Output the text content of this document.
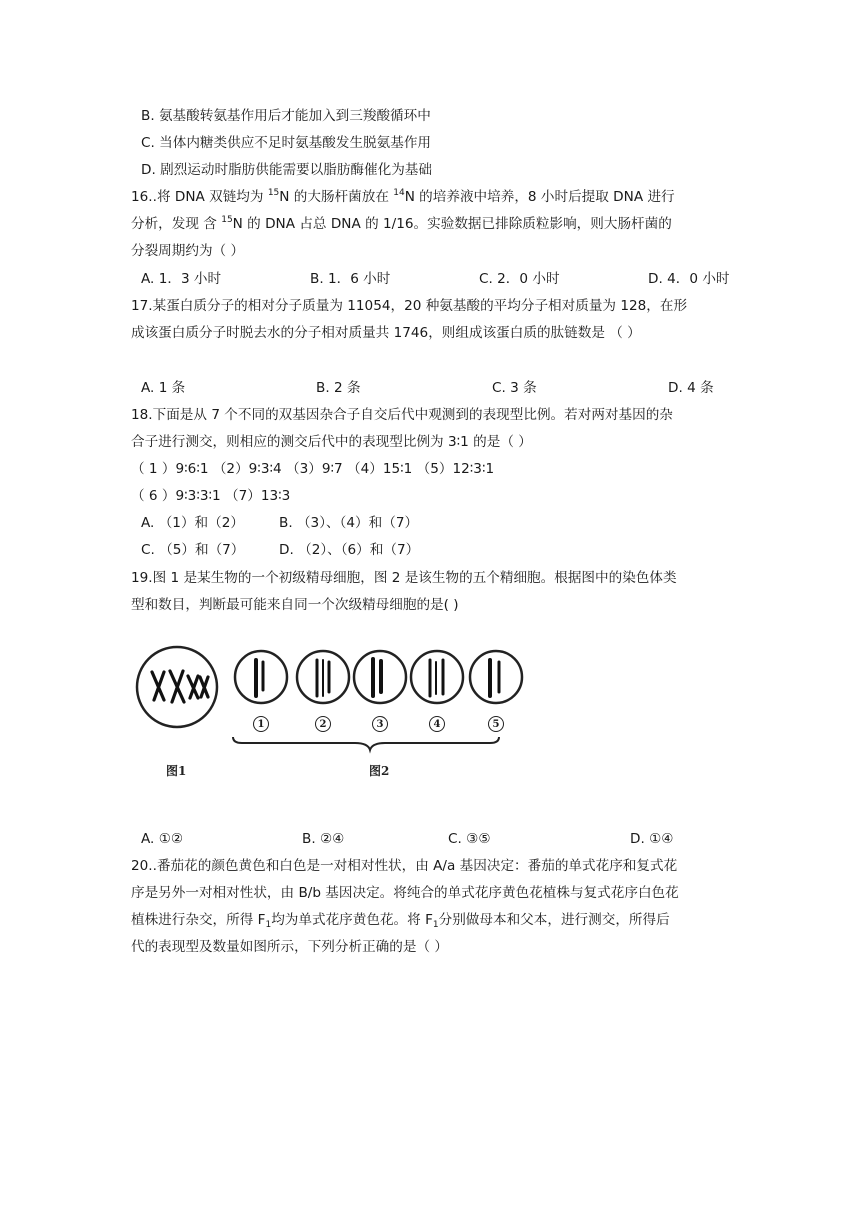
B. 氨基酸转氨基作用后才能加入到三羧酸循环中
C. 当体内糖类供应不足时氨基酸发生脱氨基作用
D. 剧烈运动时脂肪供能需要以脂肪酶催化为基础
16..将 DNA 双链均为 $^{15}$N 的大肠杆菌放在 $^{14}$N 的培养液中培养，8 小时后提取 DNA 进行
分析，发现 含 $^{15}$N 的 DNA 占总 DNA 的 1/16。实验数据已排除质粒影响，则大肠杆菌的
分裂周期约为（ ）
A. 1．3 小时	B. 1．6 小时	C. 2．0 小时	D. 4．0 小时
17.某蛋白质分子的相对分子质量为 11054，20 种氨基酸的平均分子相对质量为 128，在形
成该蛋白质分子时脱去水的分子相对质量共 1746，则组成该蛋白质的肽链数是 （ ）
A. 1 条	B. 2 条	C. 3 条	D. 4 条
18.下面是从 7 个不同的双基因杂合子自交后代中观测到的表现型比例。若对两对基因的杂
合子进行测交，则相应的测交后代中的表现型比例为 3∶1 的是（ ）
（ 1 ）9∶6∶1 （2）9∶3∶4 （3）9∶7 （4）15∶1 （5）12∶3∶1
（ 6 ）9∶3∶3∶1 （7）13∶3
A. （1）和（2）	B. （3）、（4）和（7）
C. （5）和（7）	D. （2）、（6）和（7）
19.图 1 是某生物的一个初级精母细胞，图 2 是该生物的五个精细胞。根据图中的染色体类
型和数目，判断最可能来自同一个次级精母细胞的是( )
1	2	3	4	5
图1	图2
A. ①②	B. ②④	C. ③⑤	D. ①④
20..番茄花的颜色黄色和白色是一对相对性状，由 A/a 基因决定：番茄的单式花序和复式花
序是另外一对相对性状，由 B/b 基因决定。将纯合的单式花序黄色花植株与复式花序白色花
植株进行杂交，所得 $F_1$均为单式花序黄色花。将 $F_1$分别做母本和父本，进行测交，所得后
代的表现型及数量如图所示，下列分析正确的是（ ）
